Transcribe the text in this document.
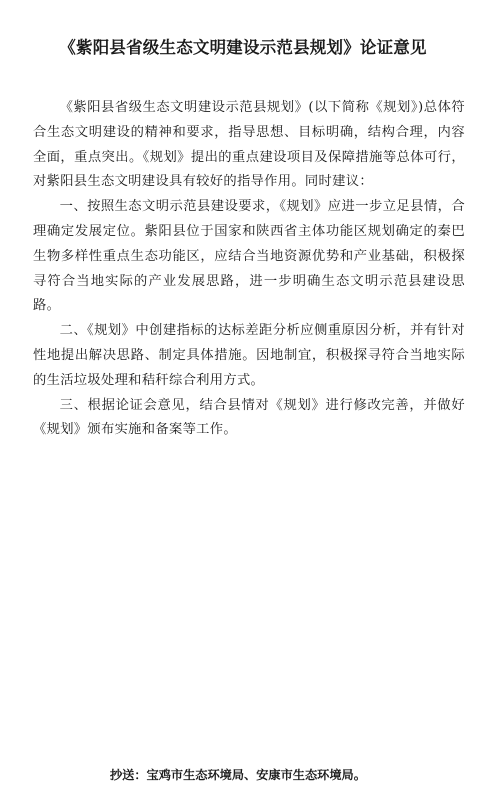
《紫阳县省级生态文明建设示范县规划》论证意见

《紫阳县省级生态文明建设示范县规划》(以下简称《规划》)总体符合生态文明建设的精神和要求，指导思想、目标明确，结构合理，内容全面，重点突出。《规划》提出的重点建设项目及保障措施等总体可行，对紫阳县生态文明建设具有较好的指导作用。同时建议：

一、按照生态文明示范县建设要求，《规划》应进一步立足县情，合理确定发展定位。紫阳县位于国家和陕西省主体功能区规划确定的秦巴生物多样性重点生态功能区，应结合当地资源优势和产业基础，积极探寻符合当地实际的产业发展思路，进一步明确生态文明示范县建设思路。

二、《规划》中创建指标的达标差距分析应侧重原因分析，并有针对性地提出解决思路、制定具体措施。因地制宜，积极探寻符合当地实际的生活垃圾处理和秸秆综合利用方式。

三、根据论证会意见，结合县情对《规划》进行修改完善，并做好《规划》颁布实施和备案等工作。

抄送：宝鸡市生态环境局、安康市生态环境局。
